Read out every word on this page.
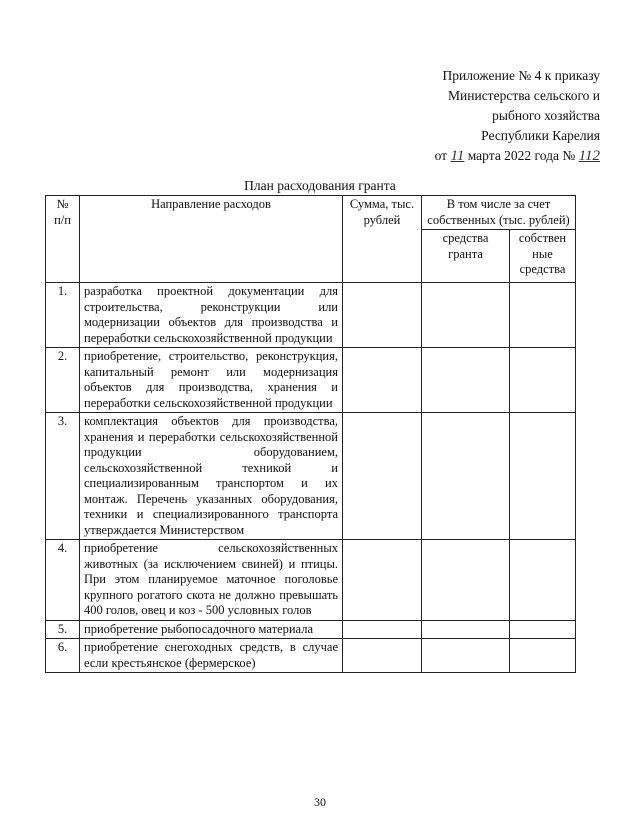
Приложение № 4 к приказу
Министерства сельского и
рыбного хозяйства
Республики Карелия
от 11 марта 2022 года № 112
План расходования гранта
№ п/п	Направление расходов	Сумма, тыс. рублей	В том числе за счет собственных (тыс. рублей)	
			средства гранта	собствен ные средства
1.	разработка проектной документации для строительства, реконструкции или модернизации объектов для производства и переработки сельскохозяйственной продукции			
2.	приобретение, строительство, реконструкция, капитальный ремонт или модернизация объектов для производства, хранения и переработки сельскохозяйственной продукции			
3.	комплектация объектов для производства, хранения и переработки сельскохозяйственной продукции оборудованием, сельскохозяйственной техникой и специализированным транспортом и их монтаж. Перечень указанных оборудования, техники и специализированного транспорта утверждается Министерством			
4.	приобретение сельскохозяйственных животных (за исключением свиней) и птицы. При этом планируемое маточное поголовье крупного рогатого скота не должно превышать 400 голов, овец и коз - 500 условных голов			
5.	приобретение рыбопосадочного материала			
6.	приобретение снегоходных средств, в случае если крестьянское (фермерское)			
30
